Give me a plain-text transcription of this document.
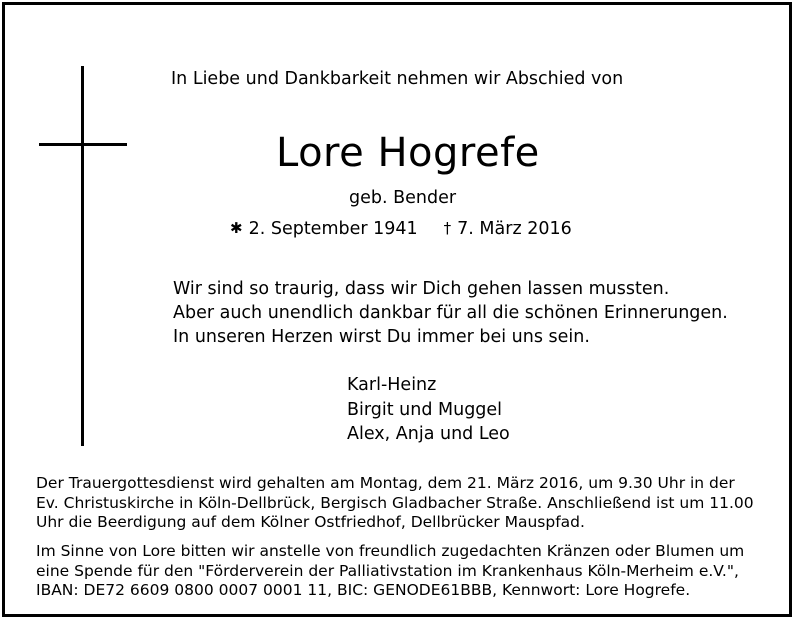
In Liebe und Dankbarkeit nehmen wir Abschied von
Lore Hogrefe
geb. Bender
✱ 2. September 1941 † 7. März 2016
Wir sind so traurig, dass wir Dich gehen lassen mussten.
Aber auch unendlich dankbar für all die schönen Erinnerungen.
In unseren Herzen wirst Du immer bei uns sein.
Karl-Heinz
Birgit und Muggel
Alex, Anja und Leo
Der Trauergottesdienst wird gehalten am Montag, dem 21. März 2016, um 9.30 Uhr in der
Ev. Christuskirche in Köln-Dellbrück, Bergisch Gladbacher Straße. Anschließend ist um 11.00
Uhr die Beerdigung auf dem Kölner Ostfriedhof, Dellbrücker Mauspfad.
Im Sinne von Lore bitten wir anstelle von freundlich zugedachten Kränzen oder Blumen um
eine Spende für den "Förderverein der Palliativstation im Krankenhaus Köln-Merheim e.V.",
IBAN: DE72 6609 0800 0007 0001 11, BIC: GENODE61BBB, Kennwort: Lore Hogrefe.
